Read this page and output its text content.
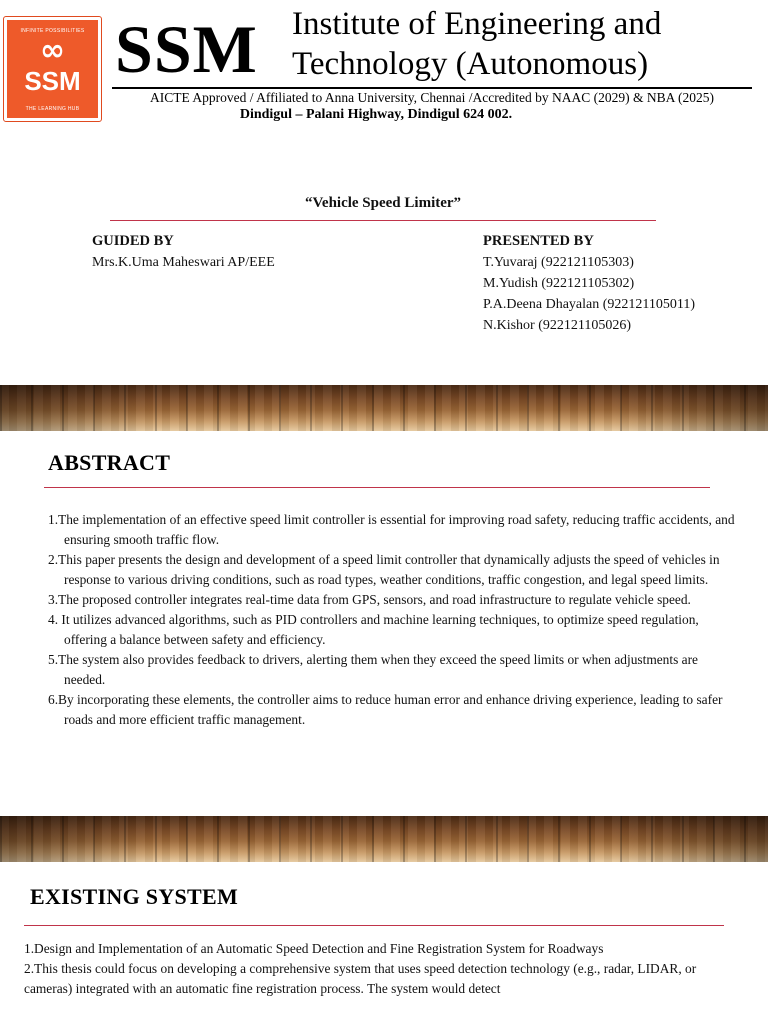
INFINITE POSSIBILITIES
∞
SSM
THE LEARNING HUB
SSM Institute of Engineering and
Technology (Autonomous)
AICTE Approved / Affiliated to Anna University, Chennai /Accredited by NAAC (2029) & NBA (2025)
Dindigul – Palani Highway, Dindigul 624 002.
“Vehicle Speed Limiter”
GUIDED BY
Mrs.K.Uma Maheswari AP/EEE
PRESENTED BY
T.Yuvaraj (922121105303)
M.Yudish (922121105302)
P.A.Deena Dhayalan (922121105011)
N.Kishor (922121105026)
ABSTRACT
1.The implementation of an effective speed limit controller is essential for improving road safety, reducing traffic accidents, and ensuring smooth traffic flow.
2.This paper presents the design and development of a speed limit controller that dynamically adjusts the speed of vehicles in response to various driving conditions, such as road types, weather conditions, traffic congestion, and legal speed limits.
3.The proposed controller integrates real-time data from GPS, sensors, and road infrastructure to regulate vehicle speed.
4. It utilizes advanced algorithms, such as PID controllers and machine learning techniques, to optimize speed regulation, offering a balance between safety and efficiency.
5.The system also provides feedback to drivers, alerting them when they exceed the speed limits or when adjustments are needed.
6.By incorporating these elements, the controller aims to reduce human error and enhance driving experience, leading to safer roads and more efficient traffic management.
EXISTING SYSTEM
1.Design and Implementation of an Automatic Speed Detection and Fine Registration System for Roadways
2.This thesis could focus on developing a comprehensive system that uses speed detection technology (e.g., radar, LIDAR, or cameras) integrated with an automatic fine registration process. The system would detect
